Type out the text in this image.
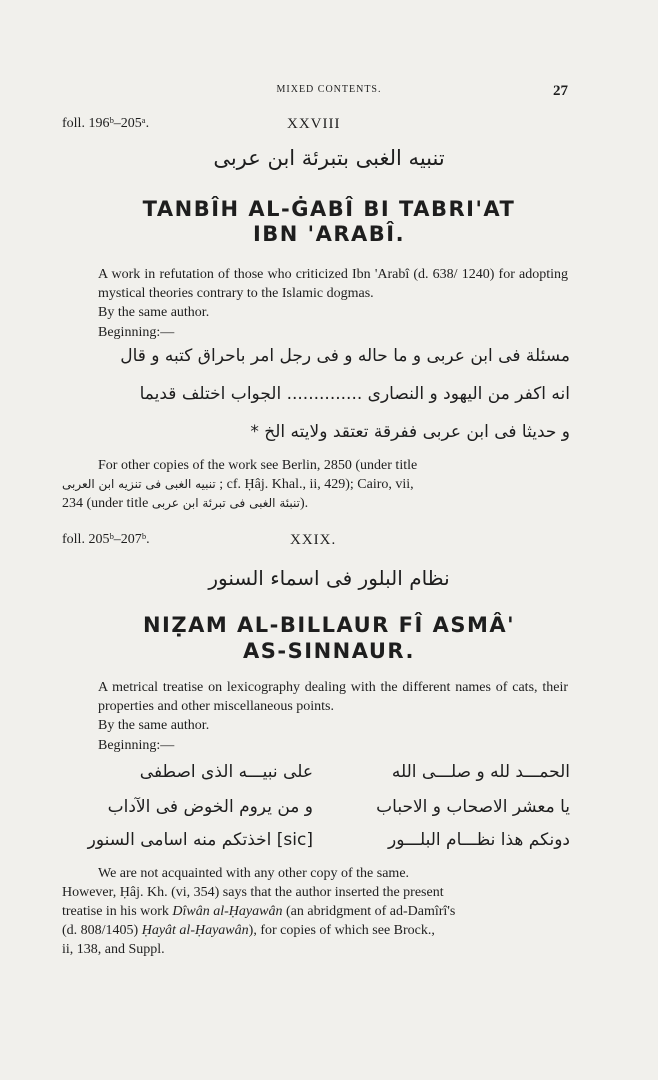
MIXED CONTENTS.	27
foll. 196ᵇ–205ᵃ.	XXVIII
تنبيه الغبى بتبرئة ابن عربى
TANBÎH AL-ĠABÎ BI TABRI'AT
IBN 'ARABÎ.
A work in refutation of those who criticized Ibn 'Arabî (d. 638/ 1240) for adopting mystical theories contrary to the Islamic dogmas.
By the same author.
Beginning:—
مسئلة فى ابن عربى و ما حاله و فى رجل امر باحراق كتبه و قال
انه اكفر من اليهود و النصارى .............. الجواب اختلف قديما
و حديثا فى ابن عربى ففرقة تعتقد ولايته الخ *
For other copies of the work see Berlin, 2850 (under title
تنبيه الغبى فى تنزيه ابن العربى ; cf. Ḥâj. Khal., ii, 429); Cairo, vii,
234 (under title تنبئة الغبى فى تبرئة ابن عربى).
foll. 205ᵇ–207ᵇ.	XXIX.
نظام البلور فى اسماء السنور
NIẒAM AL-BILLAUR FÎ ASMÂ'
AS-SINNAUR.
A metrical treatise on lexicography dealing with the different names of cats, their properties and other miscellaneous points.
By the same author.
Beginning:—
الحمـــد لله و صلـــى الله
على نبيـــه الذى اصطفى
يا معشر الاصحاب و الاحباب
و من يروم الخوض فى الآداب
دونكم هذا نظـــام البلـــور
[sic] اخذتكم منه اسامى السنور
We are not acquainted with any other copy of the same.
However, Ḥâj. Kh. (vi, 354) says that the author inserted the present
treatise in his work Dîwân al-Ḥayawân (an abridgment of ad-Damîrî's
(d. 808/1405) Ḥayât al-Ḥayawân), for copies of which see Brock.,
ii, 138, and Suppl.
